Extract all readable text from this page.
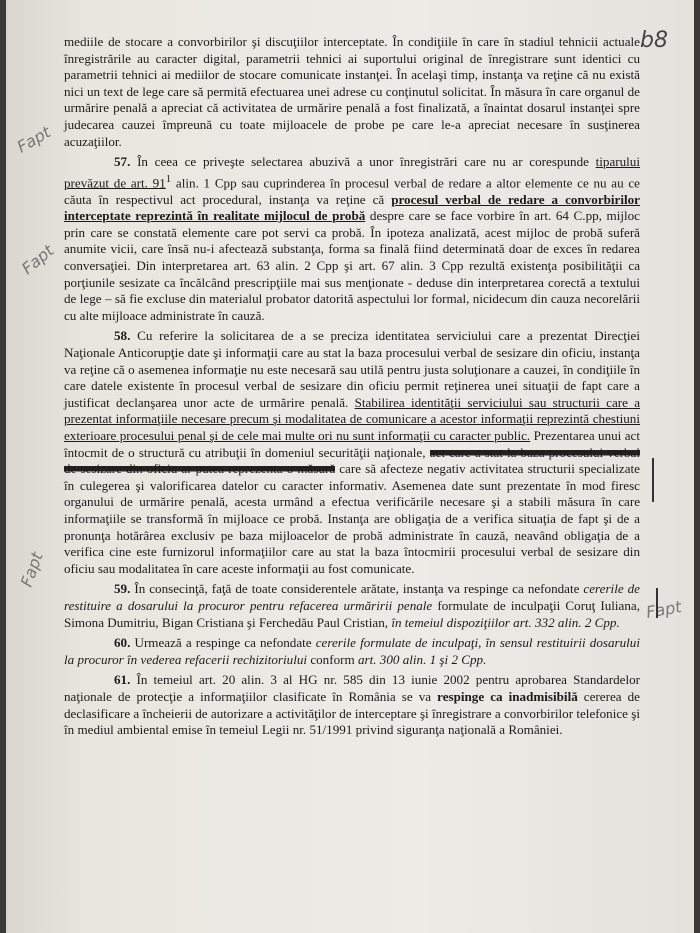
b8
Fapt
Fapt
Fapt
Fapt

mediile de stocare a convorbirilor şi discuţiilor interceptate. În condiţiile în care în stadiul tehnicii actuale înregistrările au caracter digital, parametrii tehnici ai suportului original de înregistrare sunt identici cu parametrii tehnici ai mediilor de stocare comunicate instanţei. În acelaşi timp, instanţa va reţine că nu există nici un text de lege care să permită efectuarea unei adrese cu conţinutul solicitat. În măsura în care organul de urmărire penală a apreciat că activitatea de urmărire penală a fost finalizată, a înaintat dosarul instanţei spre judecarea cauzei împreună cu toate mijloacele de probe pe care le-a apreciat necesare în susţinerea acuzaţiilor.

57. În ceea ce priveşte selectarea abuzivă a unor înregistrări care nu ar corespunde tiparului prevăzut de art. $91^1$ alin. 1 Cpp sau cuprinderea în procesul verbal de redare a altor elemente ce nu au ce căuta în respectivul act procedural, instanţa va reţine că procesul verbal de redare a convorbirilor interceptate reprezintă în realitate mijlocul de probă despre care se face vorbire în art. 64 C.pp, mijloc prin care se constată elemente care pot servi ca probă. În ipoteza analizată, acest mijloc de probă suferă anumite vicii, care însă nu-i afectează substanţa, forma sa finală fiind determinată doar de exces în redarea conversaţiei. Din interpretarea art. 63 alin. 2 Cpp şi art. 67 alin. 3 Cpp rezultă existenţa posibilităţii ca porţiunile sesizate ca încălcând prescripţiile mai sus menţionate - deduse din interpretarea corectă a textului de lege – să fie excluse din materialul probator datorită aspectului lor formal, nicidecum din cauza necorelării cu alte mijloace administrate în cauză.

58. Cu referire la solicitarea de a se preciza identitatea serviciului care a prezentat Direcţiei Naţionale Anticorupţie date şi informaţii care au stat la baza procesului verbal de sesizare din oficiu, instanţa va reţine că o asemenea informaţie nu este necesară sau utilă pentru justa soluţionare a cauzei, în condiţiile în care datele existente în procesul verbal de sesizare din oficiu permit reţinerea unei situaţii de fapt care a justificat declanşarea unor acte de urmărire penală. Stabilirea identităţii serviciului sau structurii care a prezentat informaţiile necesare precum şi modalitatea de comunicare a acestor informaţii reprezintă chestiuni exterioare procesului penal şi de cele mai multe ori nu sunt informaţii cu caracter public. Prezentarea unui act întocmit de o structură cu atribuţii în domeniul securităţii naţionale, act care a stat la baza procesului verbal de sesizare din oficiu ar putea reprezenta o măsură care să afecteze negativ activitatea structurii specializate în culegerea şi valorificarea datelor cu caracter informativ. Asemenea date sunt prezentate în mod firesc organului de urmărire penală, acesta urmând a efectua verificările necesare şi a stabili măsura în care informaţiile se transformă în mijloace ce probă. Instanţa are obligaţia de a verifica situaţia de fapt şi de a pronunţa hotărârea exclusiv pe baza mijloacelor de probă administrate în cauză, neavând obligaţia de a verifica cine este furnizorul informaţiilor care au stat la baza întocmirii procesului verbal de sesizare din oficiu sau modalitatea în care aceste informaţii au fost comunicate.

59. În consecinţă, faţă de toate considerentele arătate, instanţa va respinge ca nefondate cererile de restituire a dosarului la procuror pentru refacerea urmăririi penale formulate de inculpaţii Coruţ Iuliana, Simona Dumitriu, Bigan Cristiana şi Ferchedău Paul Cristian, în temeiul dispoziţiilor art. 332 alin. 2 Cpp.

60. Urmează a respinge ca nefondate cererile formulate de inculpaţi, în sensul restituirii dosarului la procuror în vederea refacerii rechizitoriului conform art. 300 alin. 1 şi 2 Cpp.

61. În temeiul art. 20 alin. 3 al HG nr. 585 din 13 iunie 2002 pentru aprobarea Standardelor naţionale de protecţie a informaţiilor clasificate în România se va respinge ca inadmisibilă cererea de declasificare a încheierii de autorizare a activităţilor de interceptare şi înregistrare a convorbirilor telefonice şi în mediul ambiental emise în temeiul Legii nr. 51/1991 privind siguranţa naţională a României.
